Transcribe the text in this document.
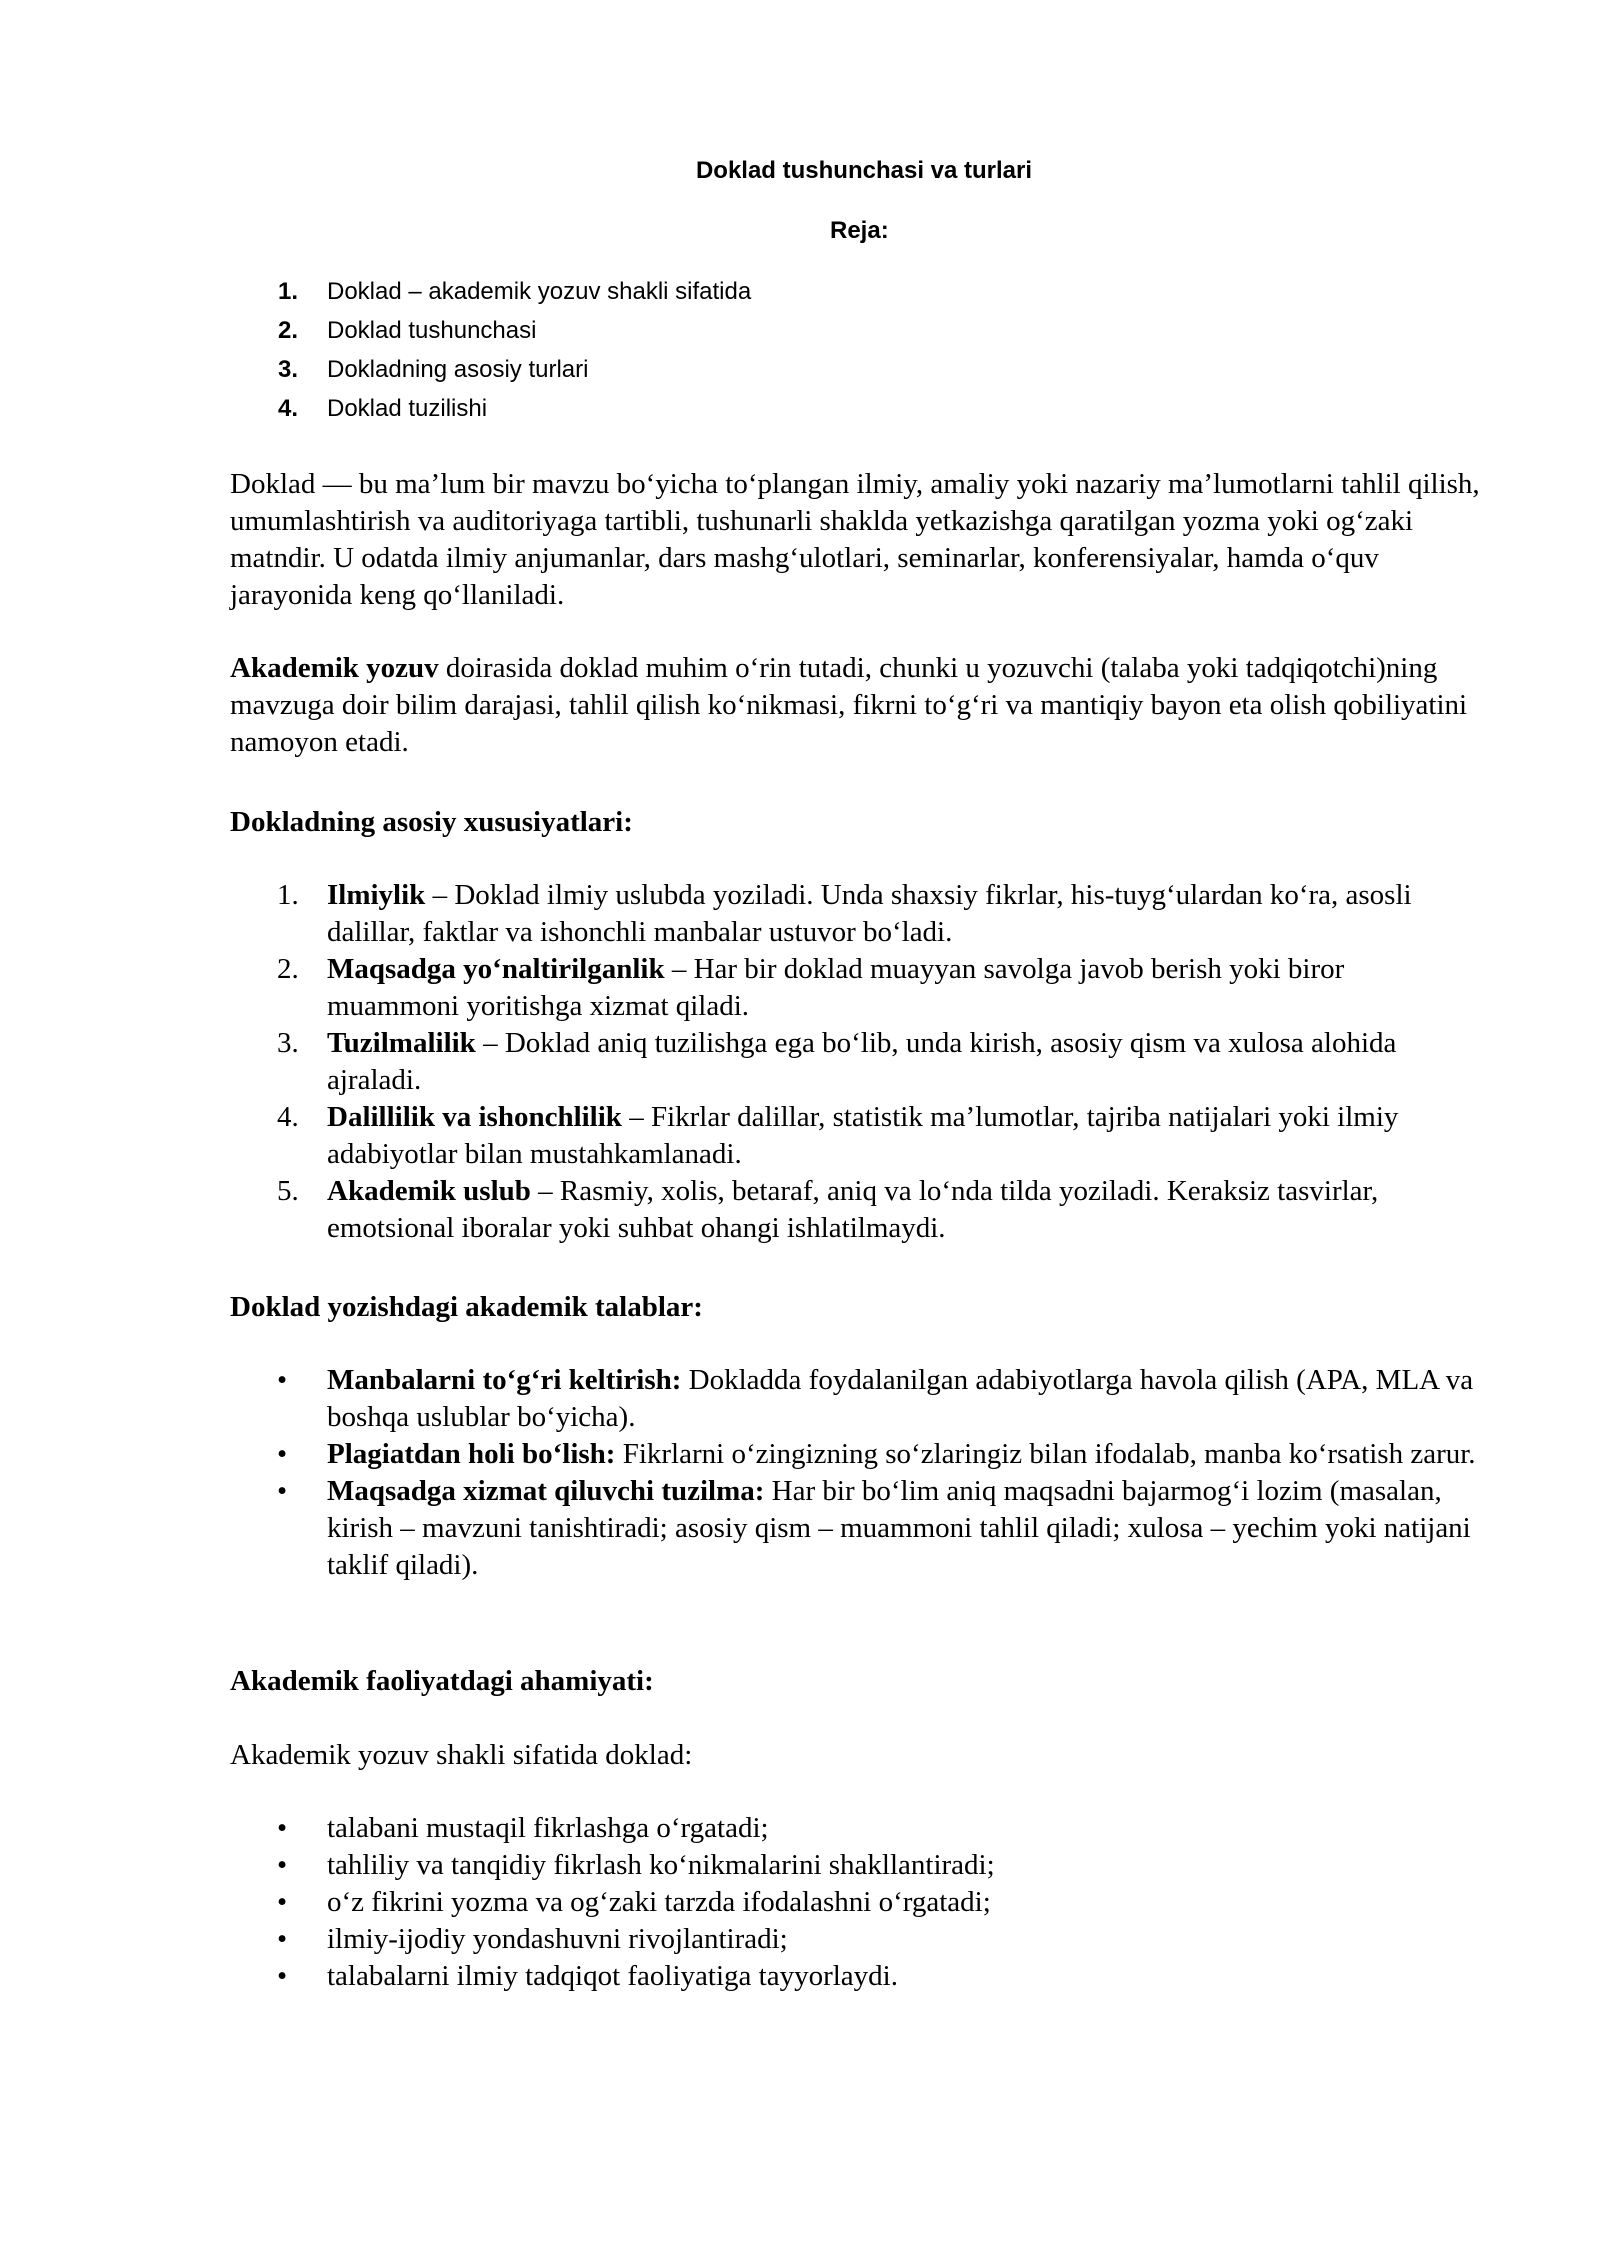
Doklad tushunchasi va turlari
Reja:
1. Doklad – akademik yozuv shakli sifatida
2. Doklad tushunchasi
3. Dokladning asosiy turlari
4. Doklad tuzilishi

Doklad — bu ma’lum bir mavzu bo‘yicha to‘plangan ilmiy, amaliy yoki nazariy ma’lumotlarni tahlil qilish, umumlashtirish va auditoriyaga tartibli, tushunarli shaklda yetkazishga qaratilgan yozma yoki og‘zaki matndir. U odatda ilmiy anjumanlar, dars mashg‘ulotlari, seminarlar, konferensiyalar, hamda o‘quv jarayonida keng qo‘llaniladi.

Akademik yozuv doirasida doklad muhim o‘rin tutadi, chunki u yozuvchi (talaba yoki tadqiqotchi)ning mavzuga doir bilim darajasi, tahlil qilish ko‘nikmasi, fikrni to‘g‘ri va mantiqiy bayon eta olish qobiliyatini namoyon etadi.

Dokladning asosiy xususiyatlari:
1. Ilmiylik – Doklad ilmiy uslubda yoziladi. Unda shaxsiy fikrlar, his-tuyg‘ulardan ko‘ra, asosli dalillar, faktlar va ishonchli manbalar ustuvor bo‘ladi.
2. Maqsadga yo‘naltirilganlik – Har bir doklad muayyan savolga javob berish yoki biror muammoni yoritishga xizmat qiladi.
3. Tuzilmalilik – Doklad aniq tuzilishga ega bo‘lib, unda kirish, asosiy qism va xulosa alohida ajraladi.
4. Dalillilik va ishonchlilik – Fikrlar dalillar, statistik ma’lumotlar, tajriba natijalari yoki ilmiy adabiyotlar bilan mustahkamlanadi.
5. Akademik uslub – Rasmiy, xolis, betaraf, aniq va lo‘nda tilda yoziladi. Keraksiz tasvirlar, emotsional iboralar yoki suhbat ohangi ishlatilmaydi.
Doklad yozishdagi akademik talablar:
• Manbalarni to‘g‘ri keltirish: Dokladda foydalanilgan adabiyotlarga havola qilish (APA, MLA va boshqa uslublar bo‘yicha).
• Plagiatdan holi bo‘lish: Fikrlarni o‘zingizning so‘zlaringiz bilan ifodalab, manba ko‘rsatish zarur.
• Maqsadga xizmat qiluvchi tuzilma: Har bir bo‘lim aniq maqsadni bajarmog‘i lozim (masalan, kirish – mavzuni tanishtiradi; asosiy qism – muammoni tahlil qiladi; xulosa – yechim yoki natijani taklif qiladi).
Akademik faoliyatdagi ahamiyati:

Akademik yozuv shakli sifatida doklad:

• talabani mustaqil fikrlashga o‘rgatadi;
• tahliliy va tanqidiy fikrlash ko‘nikmalarini shakllantiradi;
• o‘z fikrini yozma va og‘zaki tarzda ifodalashni o‘rgatadi;
• ilmiy-ijodiy yondashuvni rivojlantiradi;
• talabalarni ilmiy tadqiqot faoliyatiga tayyorlaydi.
